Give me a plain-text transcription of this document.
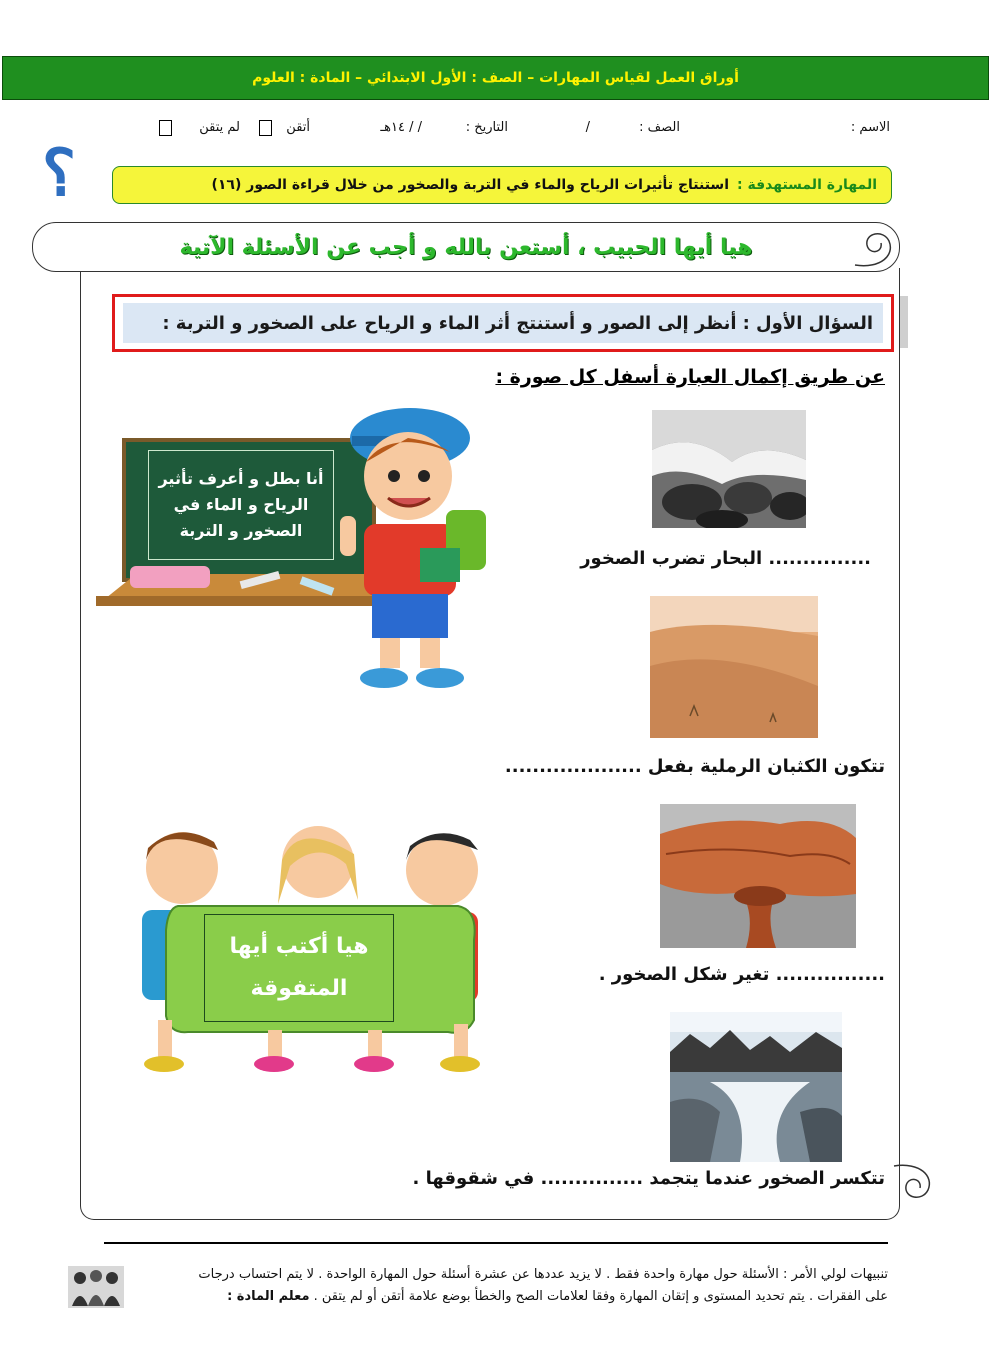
أوراق العمل لقياس المهارات – الصف : الأول الابتدائي – المادة : العلوم
الاسم :
الصف :
/
التاريخ :
/ / ١٤هـ
أتقن
لم يتقن
؟	المهارة المستهدفة :
استنتاج تأثيرات الرياح والماء في التربة والصخور من خلال قراءة الصور (١٦)
هيا أيها الحبيب ، أستعن بالله و أجب عن الأسئلة الآتية
السؤال الأول :
أنظر إلى الصور و أستنتج أثر الماء و الرياح على الصخور و التربة :
عن طريق إكمال العبارة أسفل كل صورة :
أنا بطل و أعرف تأثير الرياح و الماء في الصخور و التربة
............... البحار تضرب الصخور
تتكون الكثبان الرملية بفعل ....................
هيا أكتب أيها المتفوقة
................ تغير شكل الصخور .
تتكسر الصخور عندما يتجمد ............... في شقوقها .
تنبيهات لولي الأمر : الأسئلة حول مهارة واحدة فقط . لا يزيد عددها عن عشرة أسئلة حول المهارة الواحدة . لا يتم احتساب درجات
على الفقرات . يتم تحديد المستوى و إتقان المهارة وفقا لعلامات الصح والخطأ بوضع علامة أتقن أو لم يتقن . معلم المادة :
